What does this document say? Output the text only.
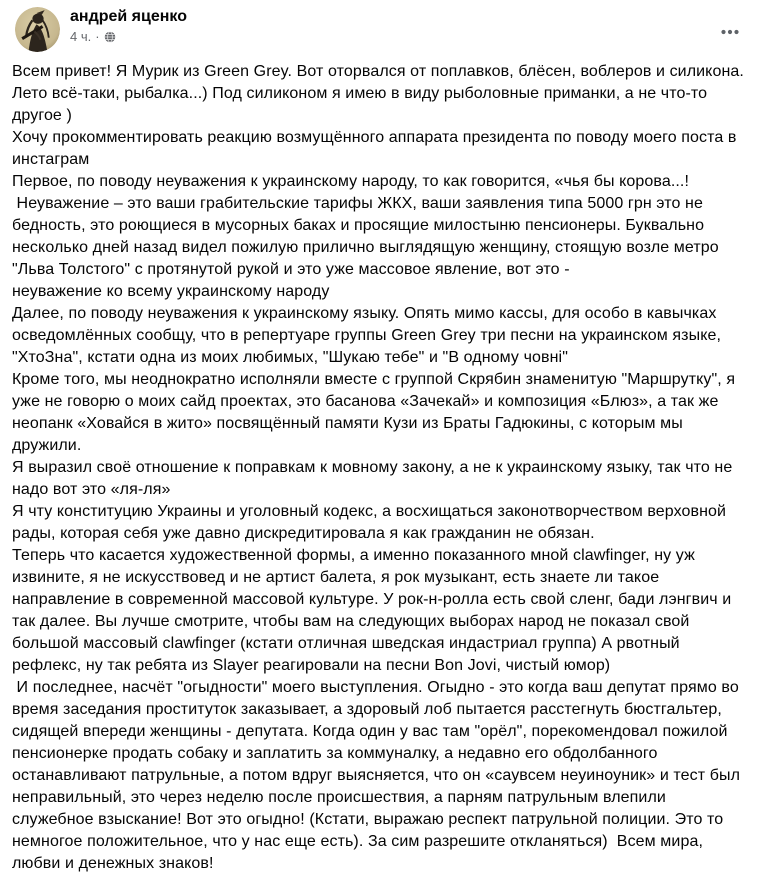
андрей яценко
4 ч. ·
Всем привет! Я Мурик из Green Grey. Вот оторвался от поплавков, блёсен, воблеров и силикона. Лето всё-таки, рыбалка...) Под силиконом я имею в виду рыболовные приманки, а не что-то другое )
Хочу прокомментировать реакцию возмущённого аппарата президента по поводу моего поста в инстаграм
Первое, по поводу неуважения к украинскому народу, то как говорится, «чья бы корова...!
Неуважение – это ваши грабительские тарифы ЖКХ, ваши заявления типа 5000 грн это не бедность, это роющиеся в мусорных баках и просящие милостыню пенсионеры. Буквально несколько дней назад видел пожилую прилично выглядящую женщину, стоящую возле метро "Льва Толстого" с протянутой рукой и это уже массовое явление, вот это -
неуважение ко всему украинскому народу
Далее, по поводу неуважения к украинскому языку. Опять мимо кассы, для особо в кавычках осведомлённых сообщу, что в репертуаре группы Green Grey три песни на украинском языке, "ХтоЗна", кстати одна из моих любимых, "Шукаю тебе" и "В одному човні"
Кроме того, мы неоднократно исполняли вместе с группой Скрябин знаменитую "Маршрутку", я уже не говорю о моих сайд проектах, это басанова «Зачекай» и композиция «Блюз», а так же неопанк «Ховайся в жито» посвящённый памяти Кузи из Браты Гадюкины, с которым мы дружили.
Я выразил своё отношение к поправкам к мовному закону, а не к украинскому языку, так что не надо вот это «ля-ля»
Я чту конституцию Украины и уголовный кодекс, а восхищаться законотворчеством верховной рады, которая себя уже давно дискредитировала я как гражданин не обязан.
Теперь что касается художественной формы, а именно показанного мной clawfinger, ну уж извините, я не искусствовед и не артист балета, я рок музыкант, есть знаете ли такое направление в современной массовой культуре. У рок-н-ролла есть свой сленг, бади лэнгвич и так далее. Вы лучше смотрите, чтобы вам на следующих выборах народ не показал свой большой массовый clawfinger (кстати отличная шведская индастриал группа) А рвотный рефлекс, ну так ребята из Slayer реагировали на песни Bon Jovi, чистый юмор)
И последнее, насчёт "огыдности" моего выступления. Огыдно - это когда ваш депутат прямо во время заседания проституток заказывает, а здоровый лоб пытается расстегнуть бюстгальтер, сидящей впереди женщины - депутата. Когда один у вас там "орёл", порекомендовал пожилой пенсионерке продать собаку и заплатить за коммуналку, а недавно его обдолбанного останавливают патрульные, а потом вдруг выясняется, что он «саувсем неуиноуник» и тест был неправильный, это через неделю после происшествия, а парням патрульным влепили служебное взыскание! Вот это огыдно! (Кстати, выражаю респект патрульной полиции. Это то немногое положительное, что у нас еще есть). За сим разрешите откланяться)  Всем мира, любви и денежных знаков!
